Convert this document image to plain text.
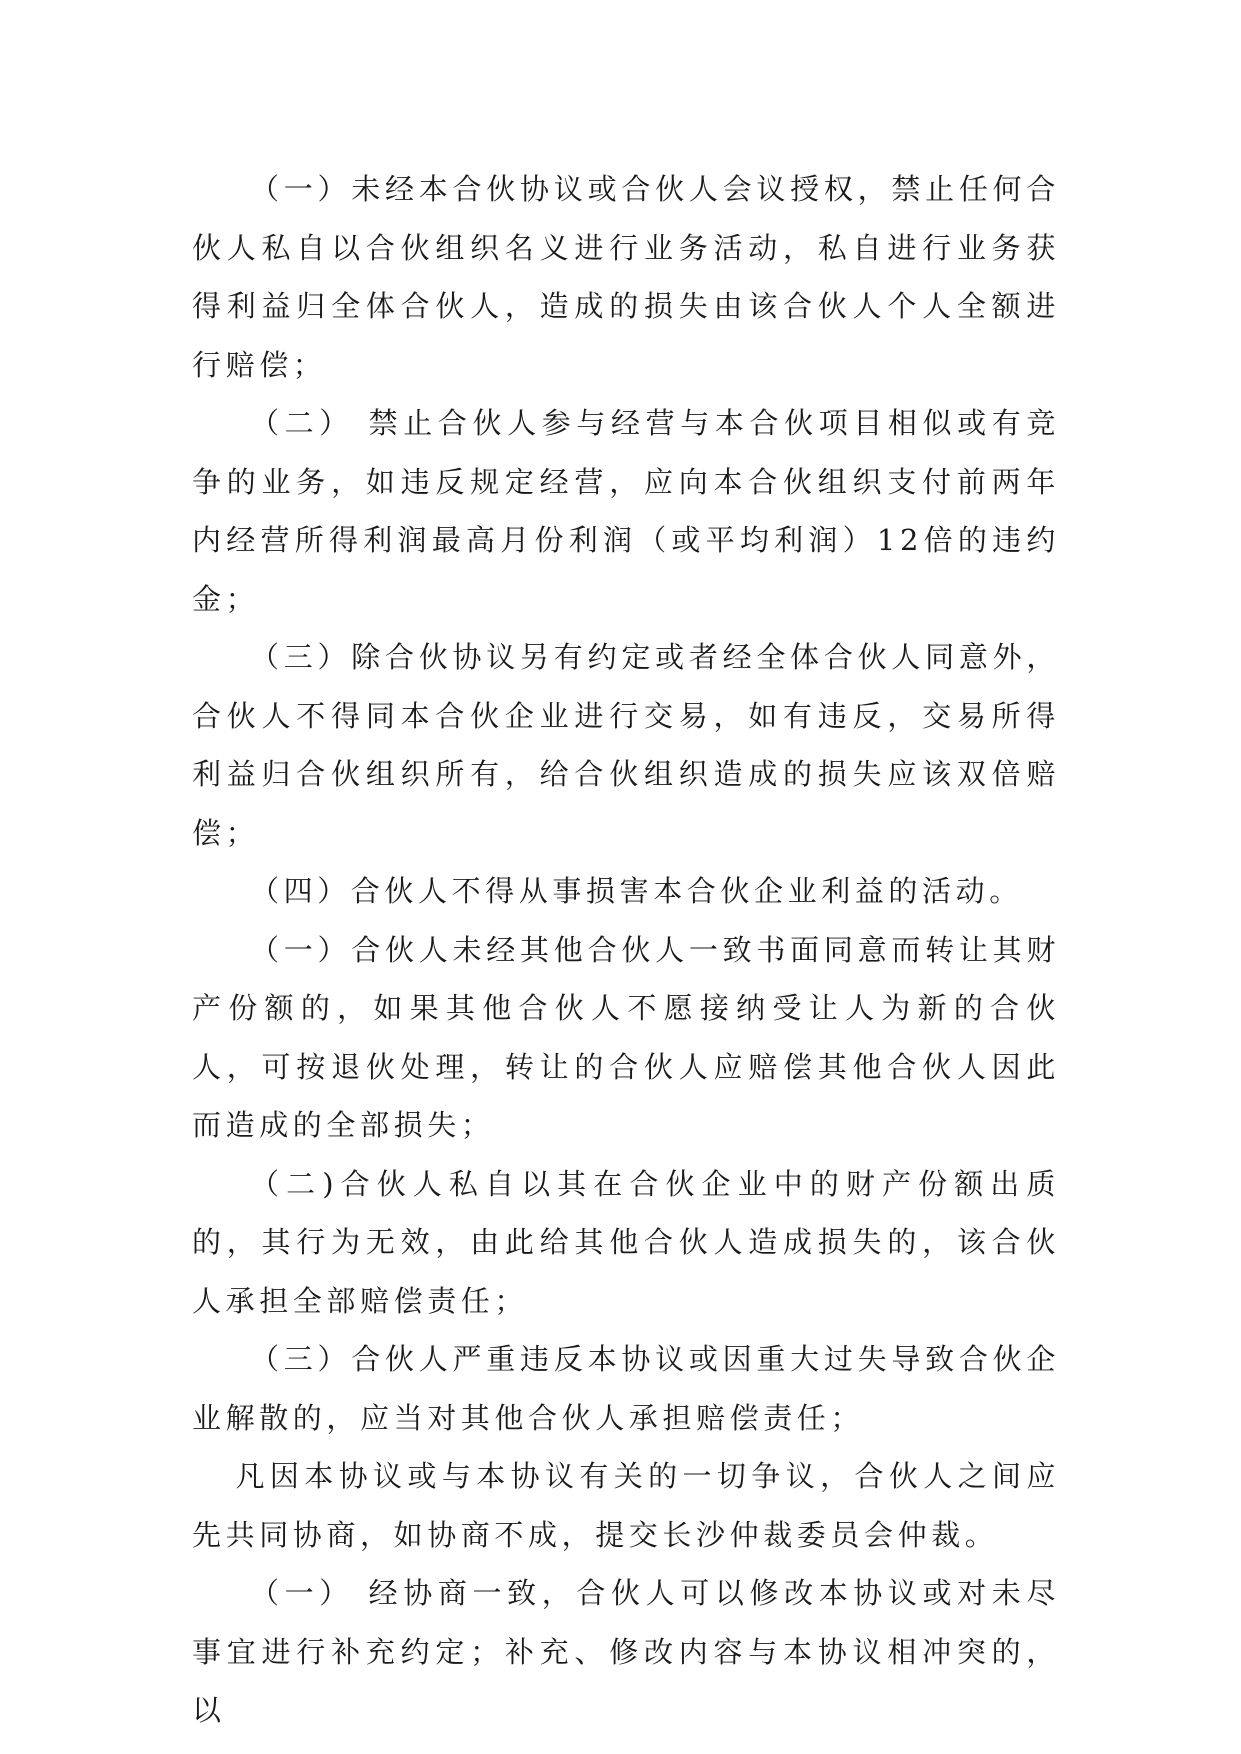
（一）未经本合伙协议或合伙人会议授权，禁止任何合伙人私自以合伙组织名义进行业务活动，私自进行业务获得利益归全体合伙人，造成的损失由该合伙人个人全额进行赔偿；

（二） 禁止合伙人参与经营与本合伙项目相似或有竞争的业务，如违反规定经营，应向本合伙组织支付前两年内经营所得利润最高月份利润（或平均利润）12倍的违约金；

（三）除合伙协议另有约定或者经全体合伙人同意外，合伙人不得同本合伙企业进行交易，如有违反，交易所得利益归合伙组织所有，给合伙组织造成的损失应该双倍赔偿；

（四）合伙人不得从事损害本合伙企业利益的活动。

（一）合伙人未经其他合伙人一致书面同意而转让其财产份额的，如果其他合伙人不愿接纳受让人为新的合伙人，可按退伙处理，转让的合伙人应赔偿其他合伙人因此而造成的全部损失；

（二)合伙人私自以其在合伙企业中的财产份额出质的，其行为无效，由此给其他合伙人造成损失的，该合伙人承担全部赔偿责任；

（三）合伙人严重违反本协议或因重大过失导致合伙企业解散的，应当对其他合伙人承担赔偿责任；

凡因本协议或与本协议有关的一切争议，合伙人之间应先共同协商，如协商不成，提交长沙仲裁委员会仲裁。

（一） 经协商一致，合伙人可以修改本协议或对未尽事宜进行补充约定；补充、修改内容与本协议相冲突的，以
